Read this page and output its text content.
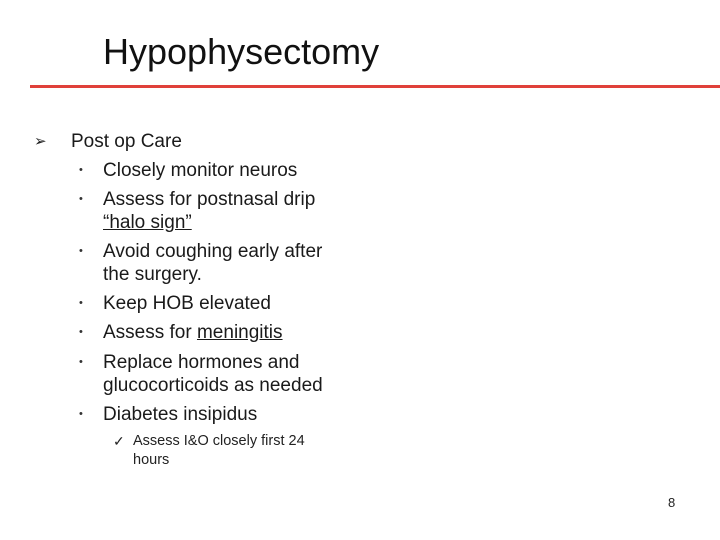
Hypophysectomy
➢ Post op Care
• Closely monitor neuros
• Assess for postnasal drip
“halo sign”
• Avoid coughing early after
the surgery.
• Keep HOB elevated
• Assess for meningitis
• Replace hormones and
glucocorticoids as needed
• Diabetes insipidus
✓ Assess I&O closely first 24
hours
8
